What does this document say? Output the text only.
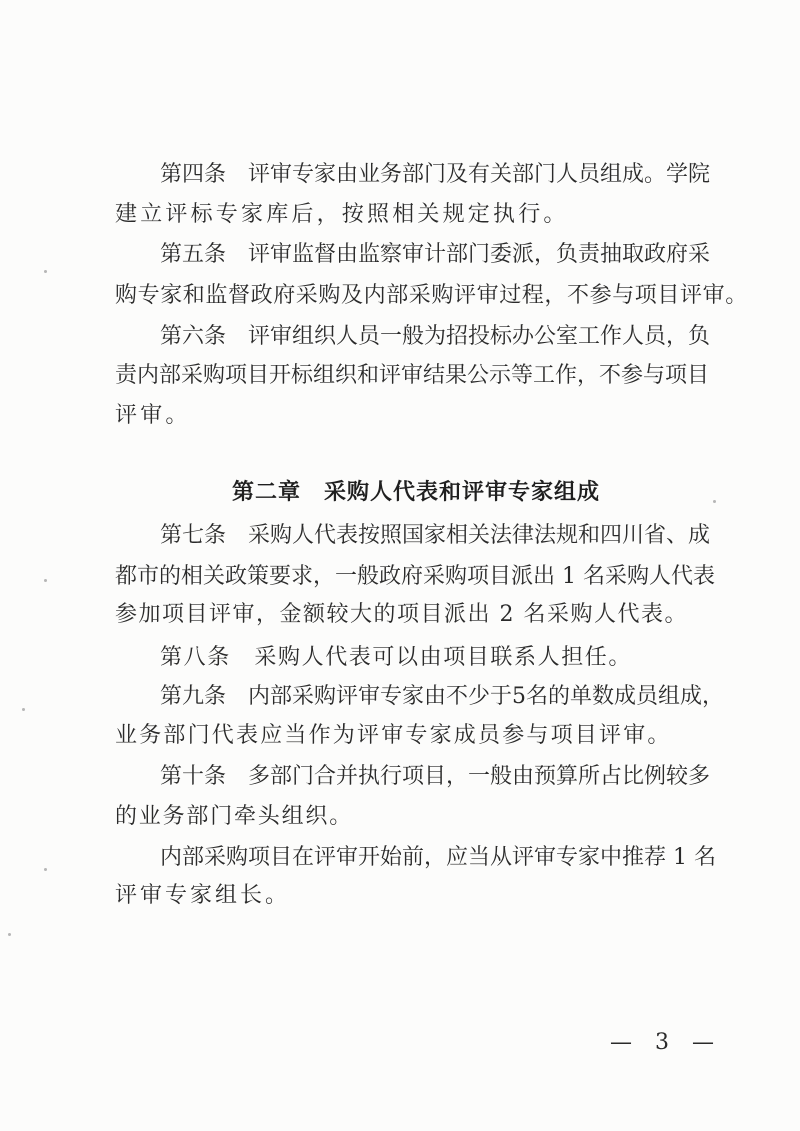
第四条　评审专家由业务部门及有关部门人员组成。学院
建立评标专家库后，按照相关规定执行。
第五条　评审监督由监察审计部门委派，负责抽取政府采
购专家和监督政府采购及内部采购评审过程，不参与项目评审。
第六条　评审组织人员一般为招投标办公室工作人员，负
责内部采购项目开标组织和评审结果公示等工作，不参与项目
评审。
第二章　采购人代表和评审专家组成
第七条　采购人代表按照国家相关法律法规和四川省、成
都市的相关政策要求，一般政府采购项目派出 1 名采购人代表
参加项目评审，金额较大的项目派出 2 名采购人代表。
第八条　采购人代表可以由项目联系人担任。
第九条　内部采购评审专家由不少于5名的单数成员组成，
业务部门代表应当作为评审专家成员参与项目评审。
第十条　多部门合并执行项目，一般由预算所占比例较多
的业务部门牵头组织。
内部采购项目在评审开始前，应当从评审专家中推荐 1 名
评审专家组长。
— 3 —
